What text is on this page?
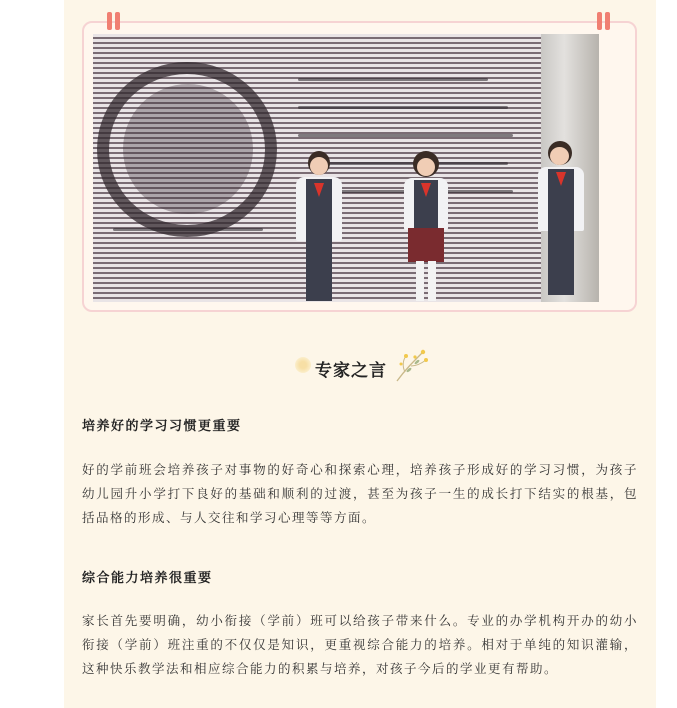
专家之言
培养好的学习习惯更重要
好的学前班会培养孩子对事物的好奇心和探索心理，培养孩子形成好的学习习惯，为孩子幼儿园升小学打下良好的基础和顺利的过渡，甚至为孩子一生的成长打下结实的根基，包括品格的形成、与人交往和学习心理等等方面。
综合能力培养很重要
家长首先要明确，幼小衔接（学前）班可以给孩子带来什么。专业的办学机构开办的幼小衔接（学前）班注重的不仅仅是知识，更重视综合能力的培养。相对于单纯的知识灌输，这种快乐教学法和相应综合能力的积累与培养，对孩子今后的学业更有帮助。
